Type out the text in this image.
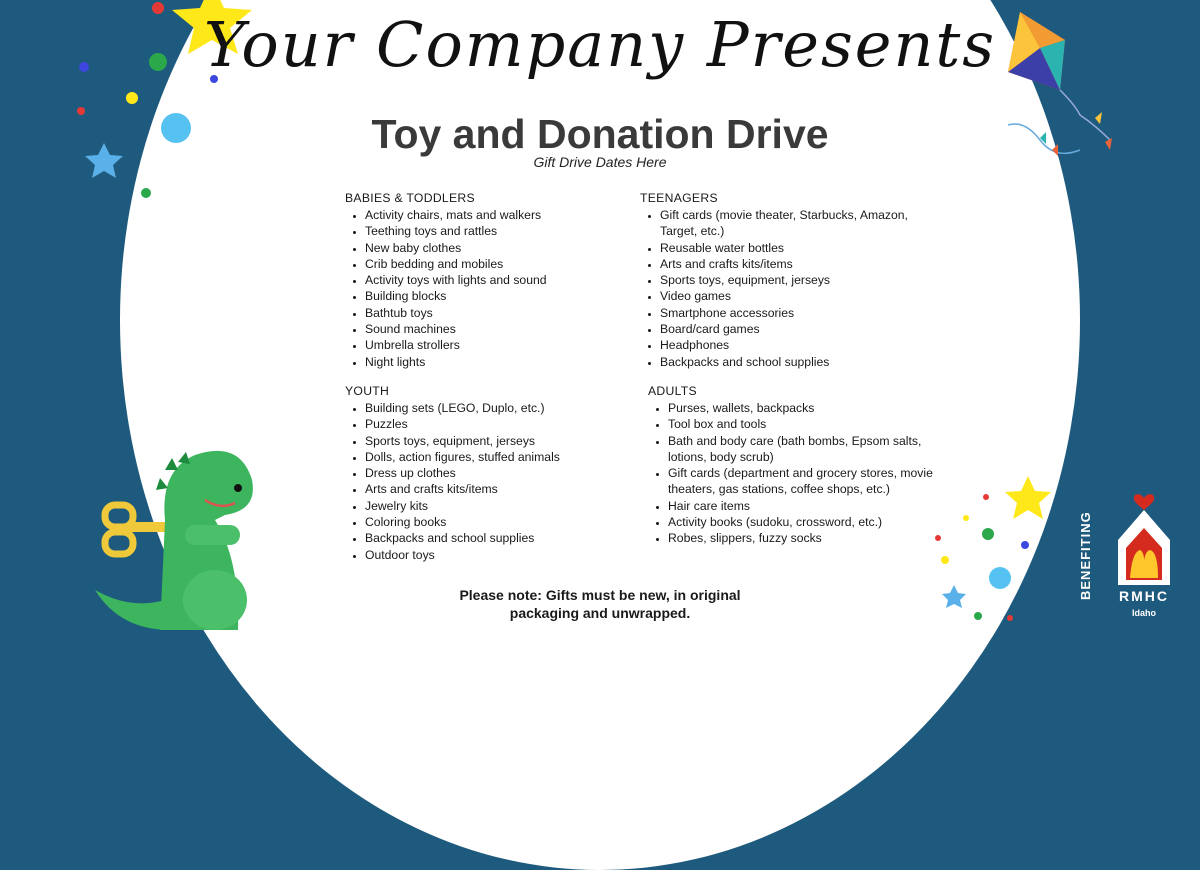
Your Company Presents
Toy and Donation Drive
Gift Drive Dates Here
BABIES & TODDLERS
• Activity chairs, mats and walkers
• Teething toys and rattles
• New baby clothes
• Crib bedding and mobiles
• Activity toys with lights and sound
• Building blocks
• Bathtub toys
• Sound machines
• Umbrella strollers
• Night lights
YOUTH
• Building sets (LEGO, Duplo, etc.)
• Puzzles
• Sports toys, equipment, jerseys
• Dolls, action figures, stuffed animals
• Dress up clothes
• Arts and crafts kits/items
• Jewelry kits
• Coloring books
• Backpacks and school supplies
• Outdoor toys
TEENAGERS
• Gift cards (movie theater, Starbucks, Amazon, Target, etc.)
• Reusable water bottles
• Arts and crafts kits/items
• Sports toys, equipment, jerseys
• Video games
• Smartphone accessories
• Board/card games
• Headphones
• Backpacks and school supplies
ADULTS
• Purses, wallets, backpacks
• Tool box and tools
• Bath and body care (bath bombs, Epsom salts, lotions, body scrub)
• Gift cards (department and grocery stores, movie theaters, gas stations, coffee shops, etc.)
• Hair care items
• Activity books (sudoku, crossword, etc.)
• Robes, slippers, fuzzy socks
Please note: Gifts must be new, in original
packaging and unwrapped.
BENEFITING	RMHC
Idaho
